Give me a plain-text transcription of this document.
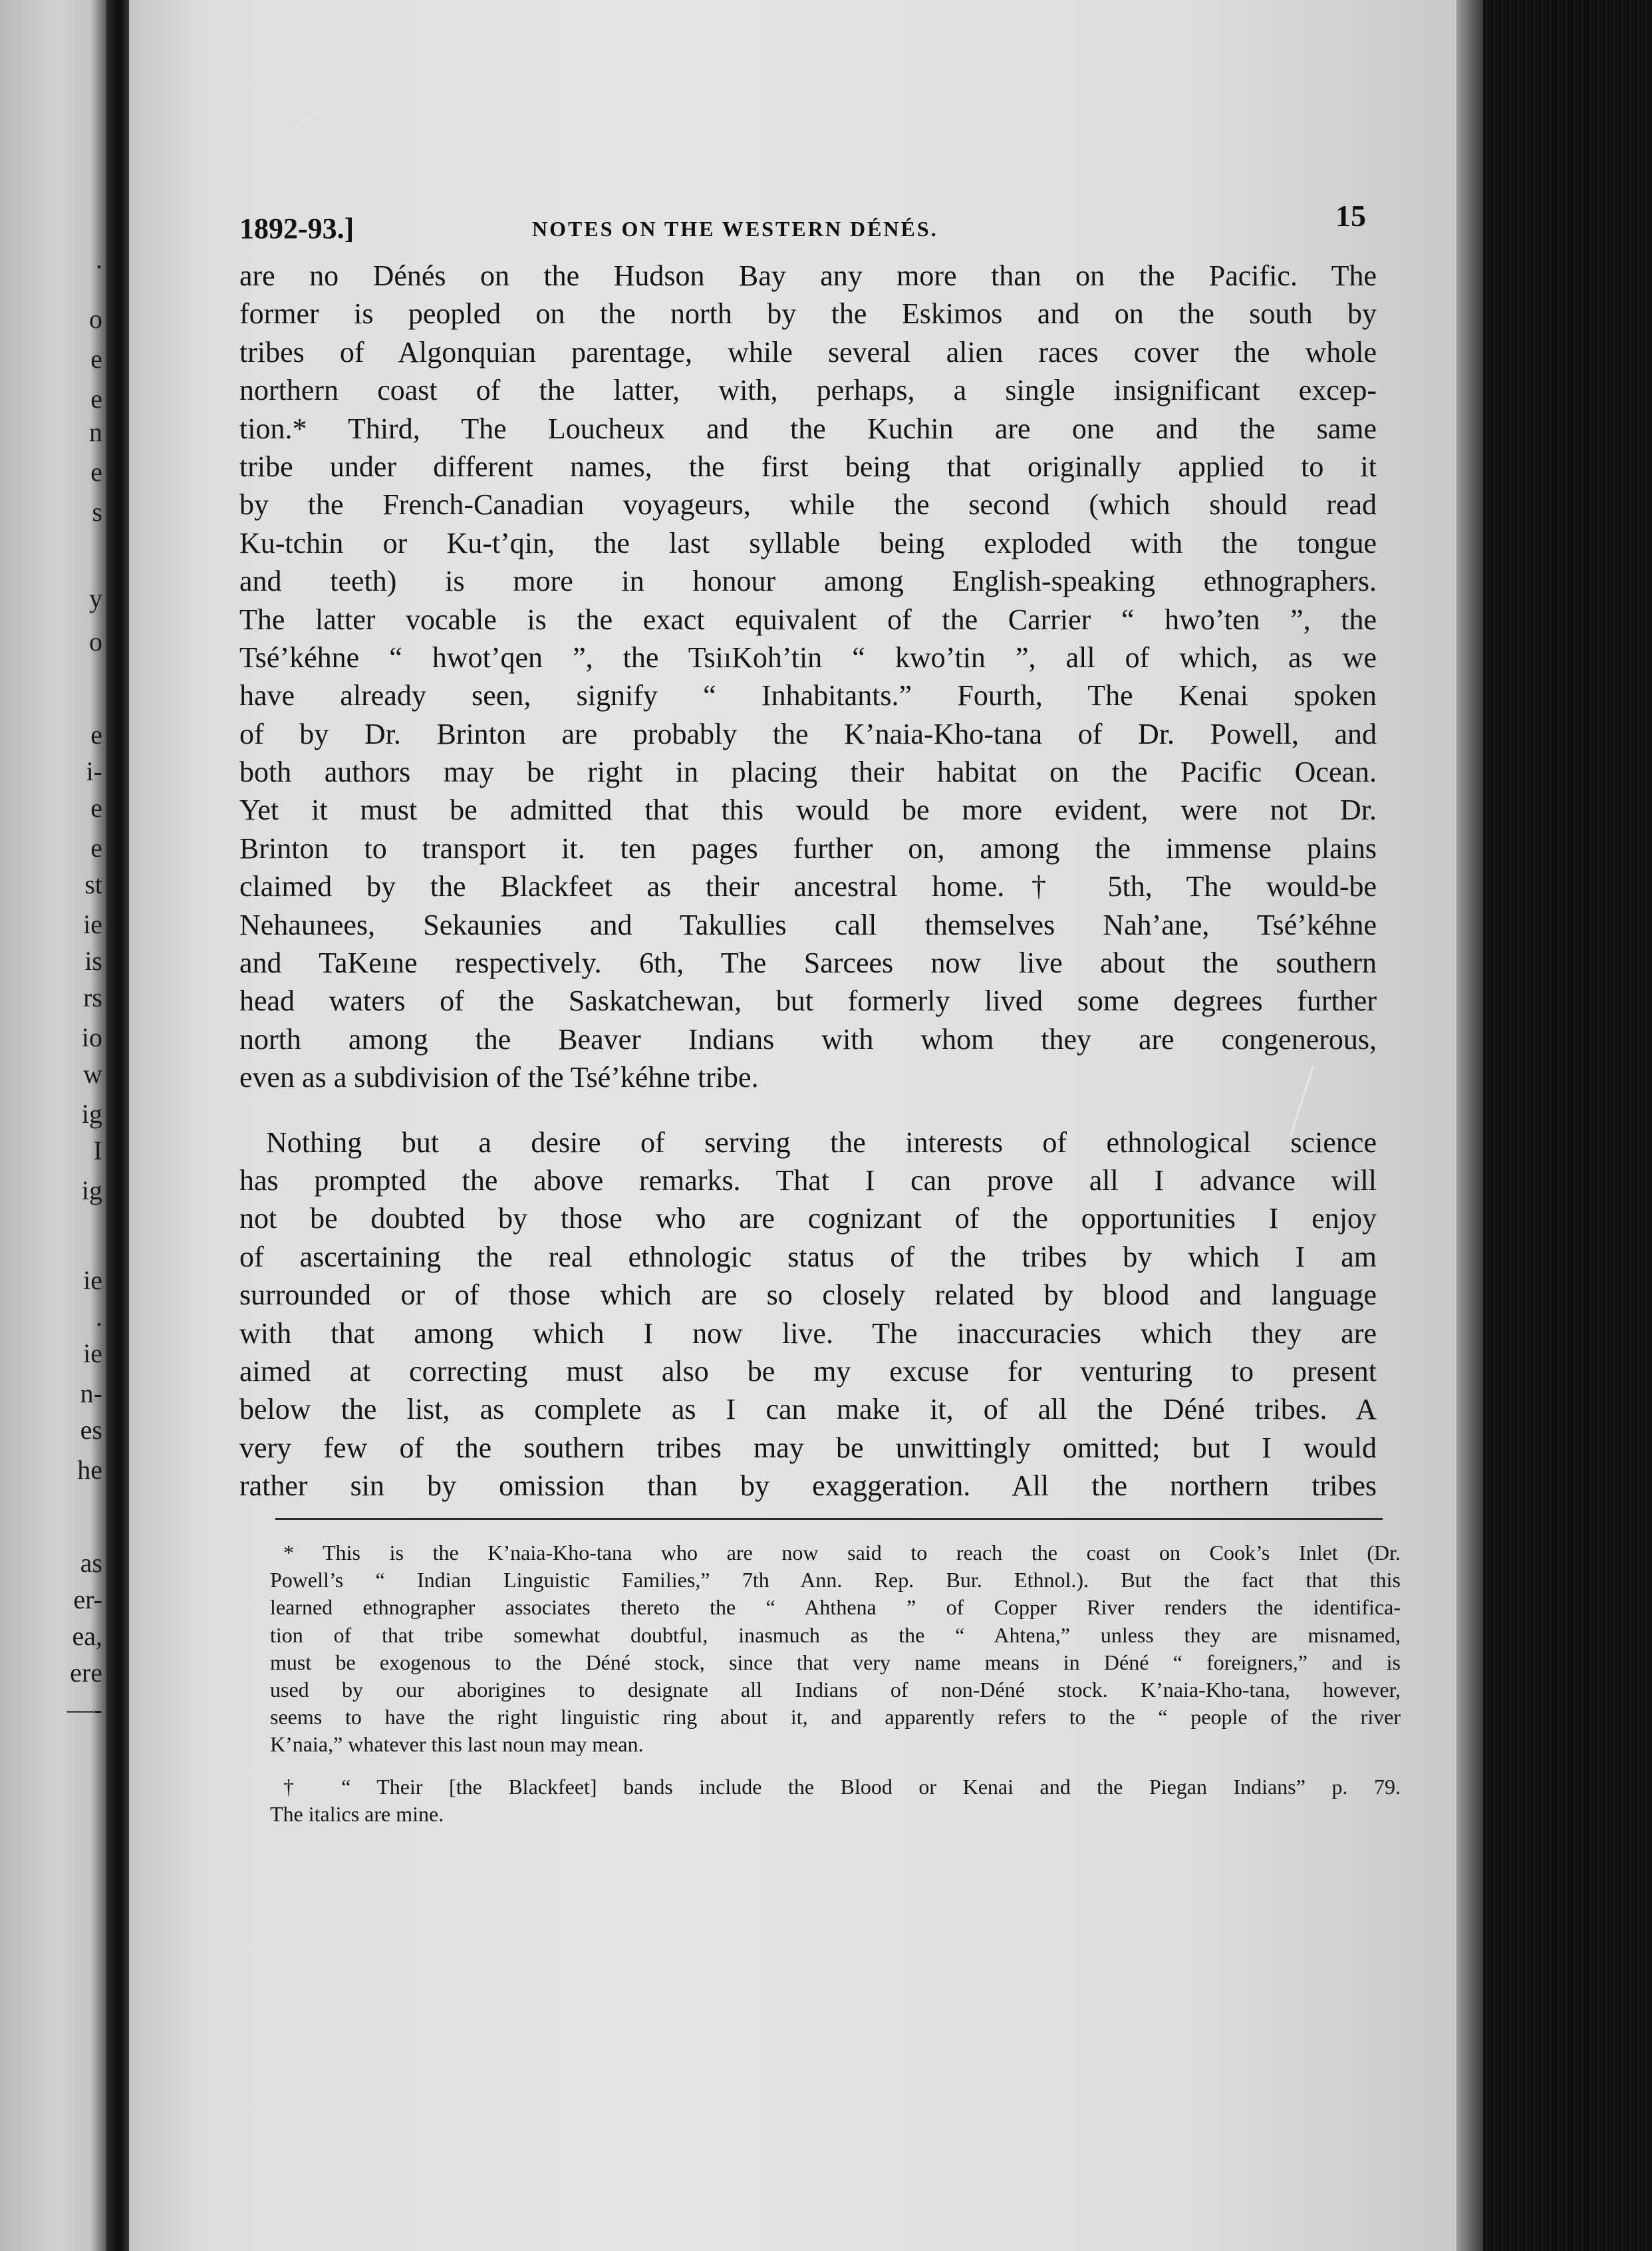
.
o
e
e
n
e
s
y
o
e
i-
e
e
st
ie
is
rs
io
w
ig
I
ig
ie
.
ie
n-
es
he
as
er-
ea,
ere
—-
1892-93.]	NOTES ON THE WESTERN DÉNÉS.	15
are no Dénés on the Hudson Bay any more than on the Pacific. The
former is peopled on the north by the Eskimos and on the south by
tribes of Algonquian parentage, while several alien races cover the whole
northern coast of the latter, with, perhaps, a single insignificant excep-
tion.* Third, The Loucheux and the Kuchin are one and the same
tribe under different names, the first being that originally applied to it
by the French-Canadian voyageurs, while the second (which should read
Ku-tchin or Ku-t’qin, the last syllable being exploded with the tongue
and teeth) is more in honour among English-speaking ethnographers.
The latter vocable is the exact equivalent of the Carrier “ hwo’ten ”, the
Tsé’kéhne “ hwot’qen ”, the TsiıKoh’tin “ kwo’tin ”, all of which, as we
have already seen, signify “ Inhabitants.” Fourth, The Kenai spoken
of by Dr. Brinton are probably the K’naia-Kho-tana of Dr. Powell, and
both authors may be right in placing their habitat on the Pacific Ocean.
Yet it must be admitted that this would be more evident, were not Dr.
Brinton to transport it. ten pages further on, among the immense plains
claimed by the Blackfeet as their ancestral home.† 5th, The would-be
Nehaunees, Sekaunies and Takullies call themselves Nah’ane, Tsé’kéhne
and TaKeıne respectively. 6th, The Sarcees now live about the southern
head waters of the Saskatchewan, but formerly lived some degrees further
north among the Beaver Indians with whom they are congenerous,
even as a subdivision of the Tsé’kéhne tribe.
Nothing but a desire of serving the interests of ethnological science
has prompted the above remarks. That I can prove all I advance will
not be doubted by those who are cognizant of the opportunities I enjoy
of ascertaining the real ethnologic status of the tribes by which I am
surrounded or of those which are so closely related by blood and language
with that among which I now live. The inaccuracies which they are
aimed at correcting must also be my excuse for venturing to present
below the list, as complete as I can make it, of all the Déné tribes. A
very few of the southern tribes may be unwittingly omitted; but I would
rather sin by omission than by exaggeration. All the northern tribes
* This is the K’naia-Kho-tana who are now said to reach the coast on Cook’s Inlet (Dr.
Powell’s “ Indian Linguistic Families,” 7th Ann. Rep. Bur. Ethnol.). But the fact that this
learned ethnographer associates thereto the “ Ahthena ” of Copper River renders the identifica-
tion of that tribe somewhat doubtful, inasmuch as the “ Ahtena,” unless they are misnamed,
must be exogenous to the Déné stock, since that very name means in Déné “ foreigners,” and is
used by our aborigines to designate all Indians of non-Déné stock. K’naia-Kho-tana, however,
seems to have the right linguistic ring about it, and apparently refers to the “ people of the river
K’naia,” whatever this last noun may mean.
† “ Their [the Blackfeet] bands include the Blood or Kenai and the Piegan Indians” p. 79.
The italics are mine.
